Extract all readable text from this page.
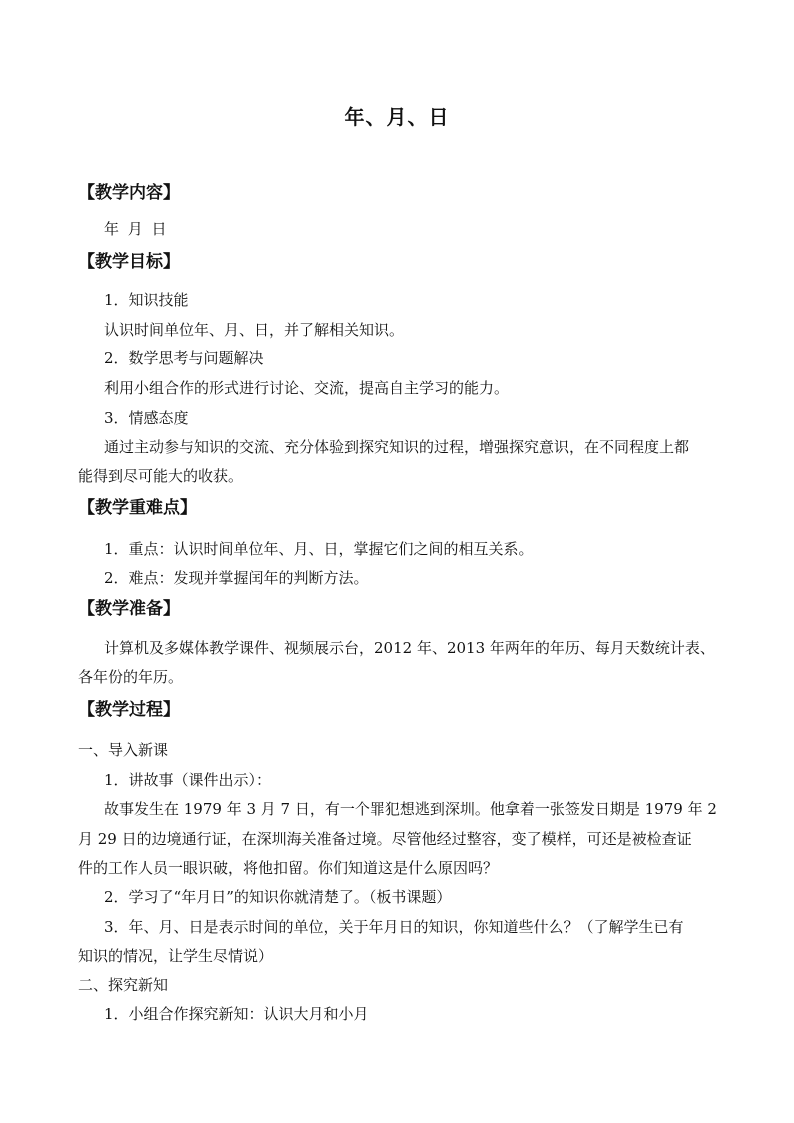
年、月、日
【教学内容】
年 月 日
【教学目标】
1．知识技能
认识时间单位年、月、日，并了解相关知识。
2．数学思考与问题解决
利用小组合作的形式进行讨论、交流，提高自主学习的能力。
3．情感态度
通过主动参与知识的交流、充分体验到探究知识的过程，增强探究意识，在不同程度上都
能得到尽可能大的收获。
【教学重难点】
1．重点：认识时间单位年、月、日，掌握它们之间的相互关系。
2．难点：发现并掌握闰年的判断方法。
【教学准备】
计算机及多媒体教学课件、视频展示台，2012 年、2013 年两年的年历、每月天数统计表、
各年份的年历。
【教学过程】
一、导入新课
1．讲故事（课件出示）：
故事发生在 1979 年 3 月 7 日，有一个罪犯想逃到深圳。他拿着一张签发日期是 1979 年 2
月 29 日的边境通行证，在深圳海关准备过境。尽管他经过整容，变了模样，可还是被检查证
件的工作人员一眼识破，将他扣留。你们知道这是什么原因吗？
2．学习了“年月日”的知识你就清楚了。（板书课题）
3．年、月、日是表示时间的单位，关于年月日的知识，你知道些什么？（了解学生已有
知识的情况，让学生尽情说）
二、探究新知
1．小组合作探究新知：认识大月和小月
